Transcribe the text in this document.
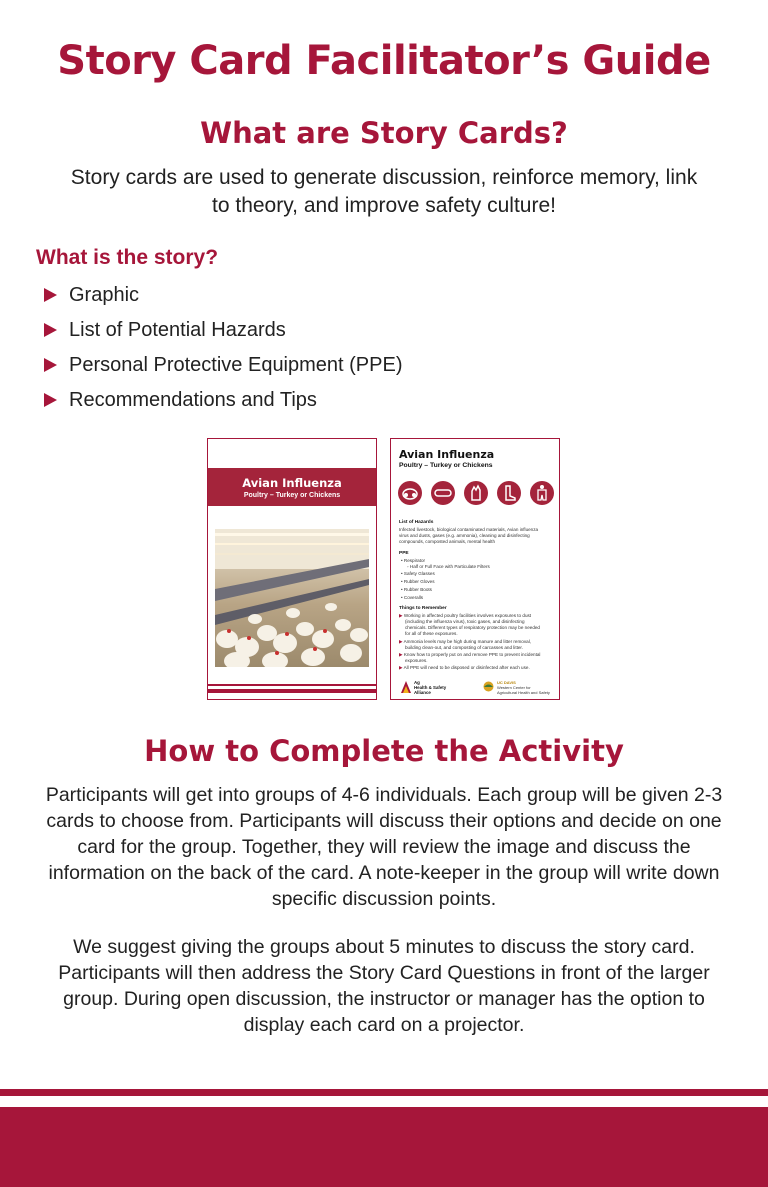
Story Card Facilitator’s Guide
What are Story Cards?

Story cards are used to generate discussion, reinforce memory, link to theory, and improve safety culture!

What is the story?
Graphic
List of Potential Hazards
Personal Protective Equipment (PPE)
Recommendations and Tips
Avian Influenza
Poultry – Turkey or Chickens
Avian Influenza
Poultry – Turkey or Chickens
List of Hazards
Infected livestock, biological contaminated materials, Avian influenza
virus and dusts, gases (e.g. ammonia), cleaning and disinfecting
compounds, composted animals, mental health
PPE
• Respirator
◦ Half or Full Face with Particulate Filters
• Safety Glasses
• Rubber Gloves
• Rubber Boots
• Coveralls
Things to Remember
▶ Working in affected poultry facilities involves exposures to dust
(including the influenza virus), toxic gases, and disinfecting
chemicals. Different types of respiratory protection may be needed
for all of these exposures.
▶ Ammonia levels may be high during manure and litter removal,
building clean-out, and composting of carcasses and litter.
▶ Know how to properly put on and remove PPE to prevent incidental
exposures.
▶ All PPE will need to be disposed or disinfected after each use.
Ag
Health & Safety
Alliance
UC DAVIS
Western Center for
Agricultural Health and Safety
How to Complete the Activity

Participants will get into groups of 4-6 individuals. Each group will be given 2-3 cards to choose from. Participants will discuss their options and decide on one card for the group. Together, they will review the image and discuss the information on the back of the card. A note-keeper in the group will write down specific discussion points.

We suggest giving the groups about 5 minutes to discuss the story card. Participants will then address the Story Card Questions in front of the larger group. During open discussion, the instructor or manager has the option to display each card on a projector.
